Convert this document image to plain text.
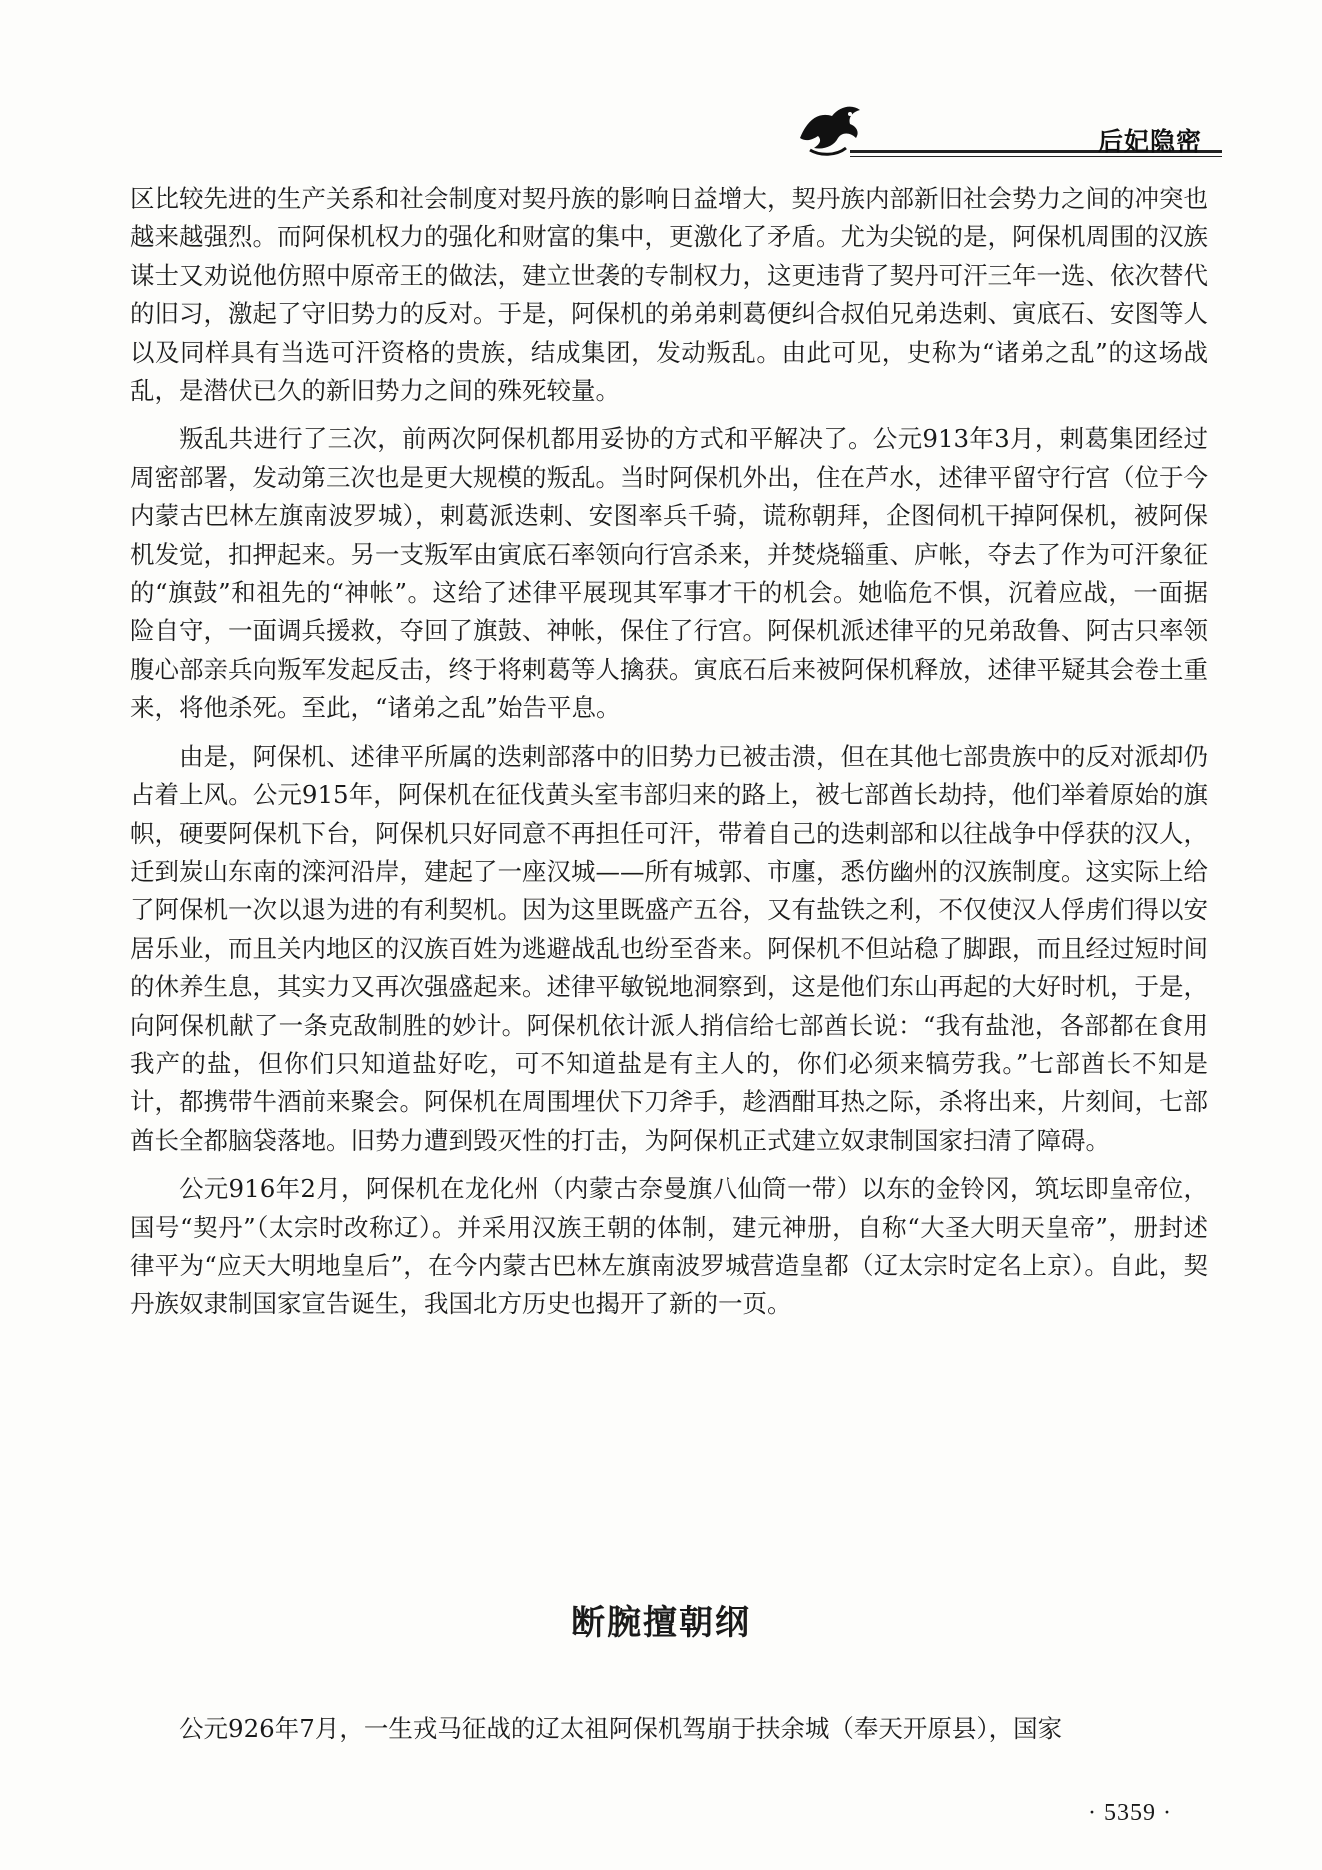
后妃隐密

区比较先进的生产关系和社会制度对契丹族的影响日益增大，契丹族内部新旧社会势力之间的冲突也越来越强烈。而阿保机权力的强化和财富的集中，更激化了矛盾。尤为尖锐的是，阿保机周围的汉族谋士又劝说他仿照中原帝王的做法，建立世袭的专制权力，这更违背了契丹可汗三年一选、依次替代的旧习，激起了守旧势力的反对。于是，阿保机的弟弟剌葛便纠合叔伯兄弟迭剌、寅底石、安图等人以及同样具有当选可汗资格的贵族，结成集团，发动叛乱。由此可见，史称为“诸弟之乱”的这场战乱，是潜伏已久的新旧势力之间的殊死较量。

叛乱共进行了三次，前两次阿保机都用妥协的方式和平解决了。公元913年3月，剌葛集团经过周密部署，发动第三次也是更大规模的叛乱。当时阿保机外出，住在芦水，述律平留守行宫（位于今内蒙古巴林左旗南波罗城），剌葛派迭剌、安图率兵千骑，谎称朝拜，企图伺机干掉阿保机，被阿保机发觉，扣押起来。另一支叛军由寅底石率领向行宫杀来，并焚烧辎重、庐帐，夺去了作为可汗象征的“旗鼓”和祖先的“神帐”。这给了述律平展现其军事才干的机会。她临危不惧，沉着应战，一面据险自守，一面调兵援救，夺回了旗鼓、神帐，保住了行宫。阿保机派述律平的兄弟敌鲁、阿古只率领腹心部亲兵向叛军发起反击，终于将剌葛等人擒获。寅底石后来被阿保机释放，述律平疑其会卷土重来，将他杀死。至此，“诸弟之乱”始告平息。

由是，阿保机、述律平所属的迭剌部落中的旧势力已被击溃，但在其他七部贵族中的反对派却仍占着上风。公元915年，阿保机在征伐黄头室韦部归来的路上，被七部酋长劫持，他们举着原始的旗帜，硬要阿保机下台，阿保机只好同意不再担任可汗，带着自己的迭剌部和以往战争中俘获的汉人，迁到炭山东南的滦河沿岸，建起了一座汉城——所有城郭、市廛，悉仿幽州的汉族制度。这实际上给了阿保机一次以退为进的有利契机。因为这里既盛产五谷，又有盐铁之利，不仅使汉人俘虏们得以安居乐业，而且关内地区的汉族百姓为逃避战乱也纷至沓来。阿保机不但站稳了脚跟，而且经过短时间的休养生息，其实力又再次强盛起来。述律平敏锐地洞察到，这是他们东山再起的大好时机，于是，向阿保机献了一条克敌制胜的妙计。阿保机依计派人捎信给七部酋长说：“我有盐池，各部都在食用我产的盐，但你们只知道盐好吃，可不知道盐是有主人的，你们必须来犒劳我。”七部酋长不知是计，都携带牛酒前来聚会。阿保机在周围埋伏下刀斧手，趁酒酣耳热之际，杀将出来，片刻间，七部酋长全都脑袋落地。旧势力遭到毁灭性的打击，为阿保机正式建立奴隶制国家扫清了障碍。

公元916年2月，阿保机在龙化州（内蒙古奈曼旗八仙筒一带）以东的金铃冈，筑坛即皇帝位，国号“契丹”（太宗时改称辽）。并采用汉族王朝的体制，建元神册，自称“大圣大明天皇帝”，册封述律平为“应天大明地皇后”，在今内蒙古巴林左旗南波罗城营造皇都（辽太宗时定名上京）。自此，契丹族奴隶制国家宣告诞生，我国北方历史也揭开了新的一页。

断腕擅朝纲

公元926年7月，一生戎马征战的辽太祖阿保机驾崩于扶余城（奉天开原县），国家

· 5359 ·
